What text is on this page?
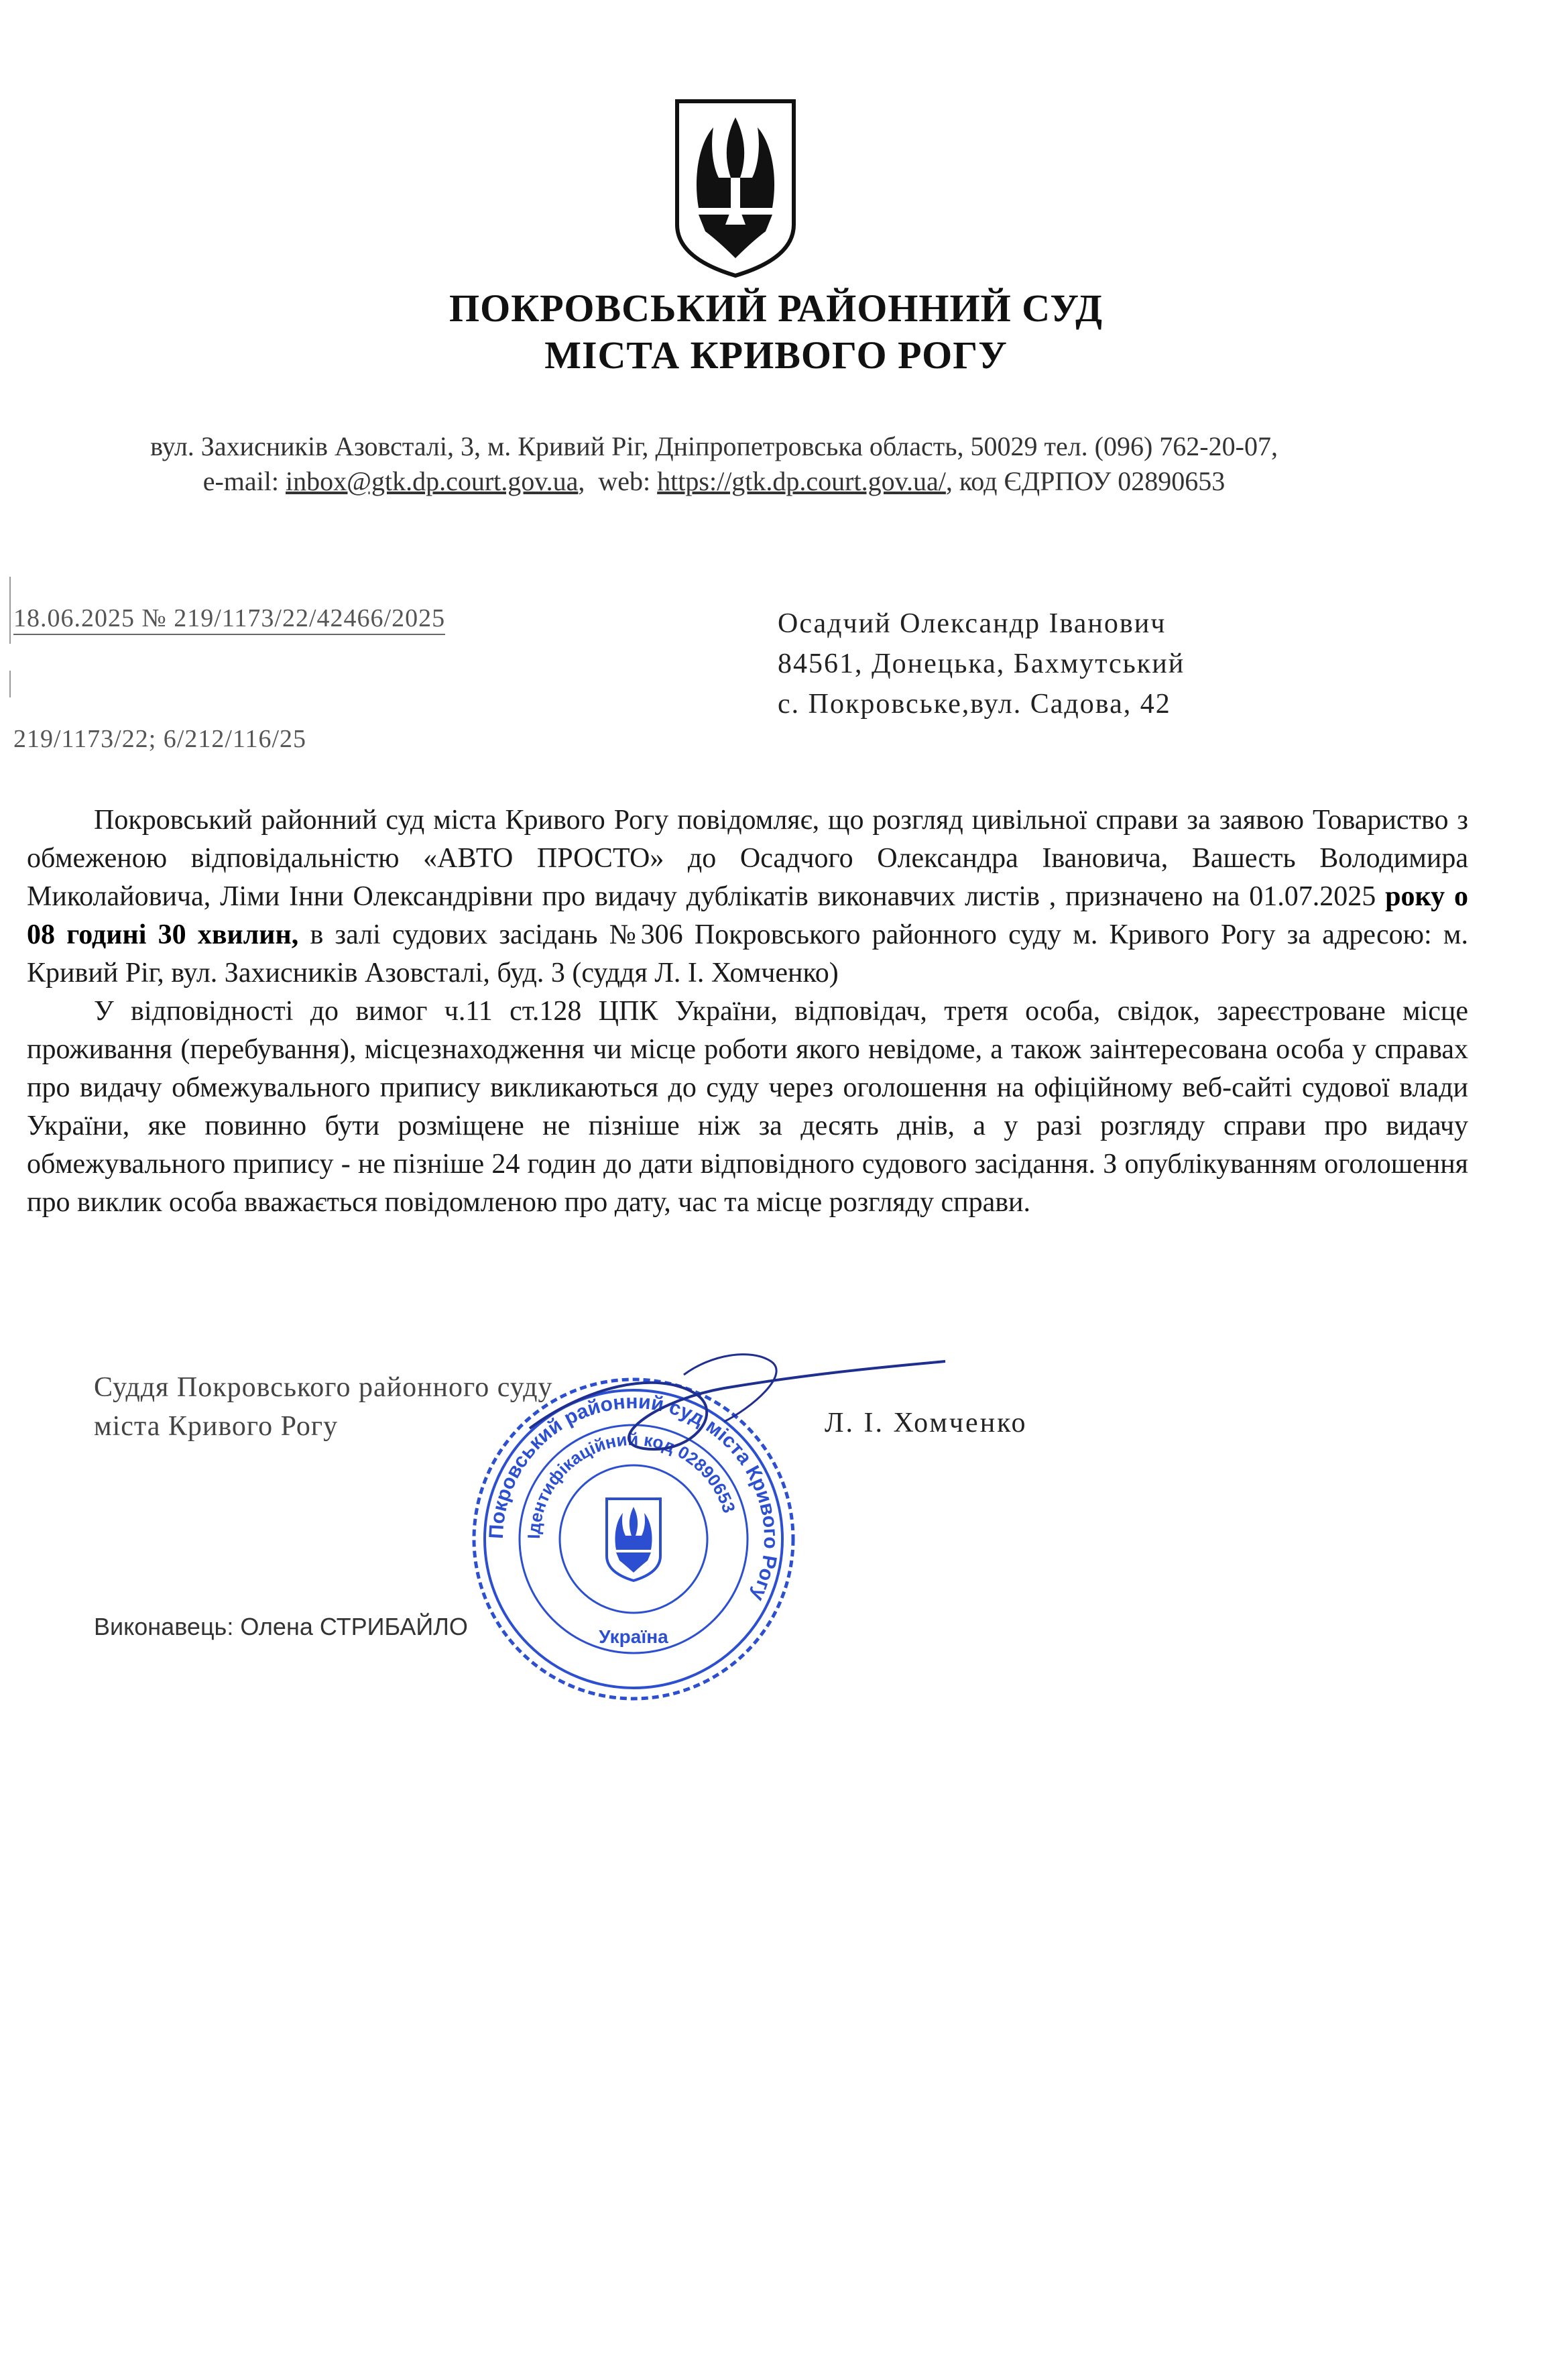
ПОКРОВСЬКИЙ РАЙОННИЙ СУД
МІСТА КРИВОГО РОГУ
вул. Захисників Азовсталі, 3, м. Кривий Ріг, Дніпропетровська область, 50029 тел. (096) 762-20-07,
e-mail: inbox@gtk.dp.court.gov.ua,  web: https://gtk.dp.court.gov.ua/, код ЄДРПОУ 02890653
18.06.2025 № 219/1173/22/42466/2025
219/1173/22; 6/212/116/25
Осадчий Олександр Іванович
84561, Донецька, Бахмутський
с. Покровське,вул. Садова, 42

Покровський районний суд міста Кривого Рогу повідомляє, що розгляд цивільної справи за заявою Товариство з обмеженою відповідальністю «АВТО ПРОСТО» до Осадчого Олександра Івановича, Вашесть Володимира Миколайовича, Ліми Інни Олександрівни про видачу дублікатів виконавчих листів , призначено на 01.07.2025 року о 08 годині 30 хвилин, в залі судових засідань №306 Покровського районного суду м. Кривого Рогу за адресою: м. Кривий Ріг, вул. Захисників Азовсталі, буд. 3 (суддя Л. І. Хомченко)

У відповідності до вимог ч.11 ст.128 ЦПК України, відповідач, третя особа, свідок, зареєстроване місце проживання (перебування), місцезнаходження чи місце роботи якого невідоме, а також заінтересована особа у справах про видачу обмежувального припису викликаються до суду через оголошення на офіційному веб-сайті судової влади України, яке повинно бути розміщене не пізніше ніж за десять днів, а у разі розгляду справи про видачу обмежувального припису - не пізніше 24 годин до дати відповідного судового засідання. З опублікуванням оголошення про виклик особа вважається повідомленою про дату, час та місце розгляду справи.

Суддя Покровського районного суду
міста Кривого Рогу	Л. І. Хомченко
Виконавець: Олена СТРИБАЙЛО
Покровський районний суд міста Кривого Рогу
Ідентифікаційний код 02890653
Україна
